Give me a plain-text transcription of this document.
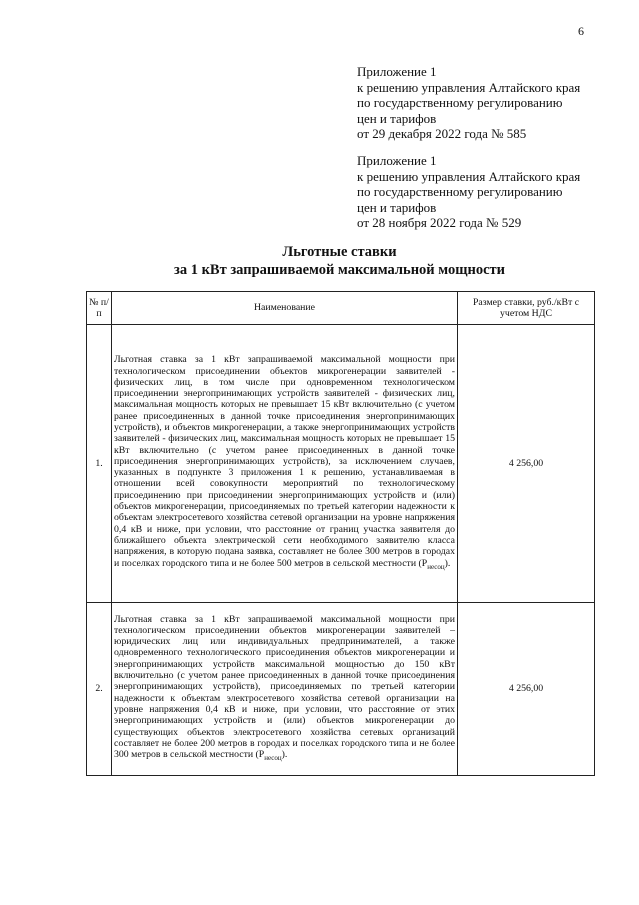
6
Приложение 1
к решению управления Алтайского края
по государственному регулированию
цен и тарифов
от 29 декабря 2022 года № 585
Приложение 1
к решению управления Алтайского края
по государственному регулированию
цен и тарифов
от 28 ноября 2022 года № 529
Льготные ставки
за 1 кВт запрашиваемой максимальной мощности
№ п/п	Наименование	Размер ставки, руб./кВт с учетом НДС
1.	Льготная ставка за 1 кВт запрашиваемой максимальной мощности при технологическом присоединении объектов микрогенерации заявителей - физических лиц, в том числе при одновременном технологическом присоединении энергопринимающих устройств заявителей - физических лиц, максимальная мощность которых не превышает 15 кВт включительно (с учетом ранее присоединенных в данной точке присоединения энергопринимающих устройств), и объектов микрогенерации, а также энергопринимающих устройств заявителей - физических лиц, максимальная мощность которых не превышает 15 кВт включительно (с учетом ранее присоединенных в данной точке присоединения энергопринимающих устройств), за исключением случаев, указанных в подпункте 3 приложения 1 к решению, устанавливаемая в отношении всей совокупности мероприятий по технологическому присоединению при присоединении энергопринимающих устройств и (или) объектов микрогенерации, присоединяемых по третьей категории надежности к объектам электросетевого хозяйства сетевой организации на уровне напряжения 0,4 кВ и ниже, при условии, что расстояние от границ участка заявителя до ближайшего объекта электрической сети необходимого заявителю класса напряжения, в которую подана заявка, составляет не более 300 метров в городах и поселках городского типа и не более 500 метров в сельской местности $(P_{несоц})$.	4 256,00
2.	Льготная ставка за 1 кВт запрашиваемой максимальной мощности при технологическом присоединении объектов микрогенерации заявителей – юридических лиц или индивидуальных предпринимателей, а также одновременного технологического присоединения объектов микрогенерации и энергопринимающих устройств максимальной мощностью до 150 кВт включительно (с учетом ранее присоединенных в данной точке присоединения энергопринимающих устройств), присоединяемых по третьей категории надежности к объектам электросетевого хозяйства сетевой организации на уровне напряжения 0,4 кВ и ниже, при условии, что расстояние от этих энергопринимающих устройств и (или) объектов микрогенерации до существующих объектов электросетевого хозяйства сетевых организаций составляет не более 200 метров в городах и поселках городского типа и не более 300 метров в сельской местности $(P_{несоц})$.	4 256,00
